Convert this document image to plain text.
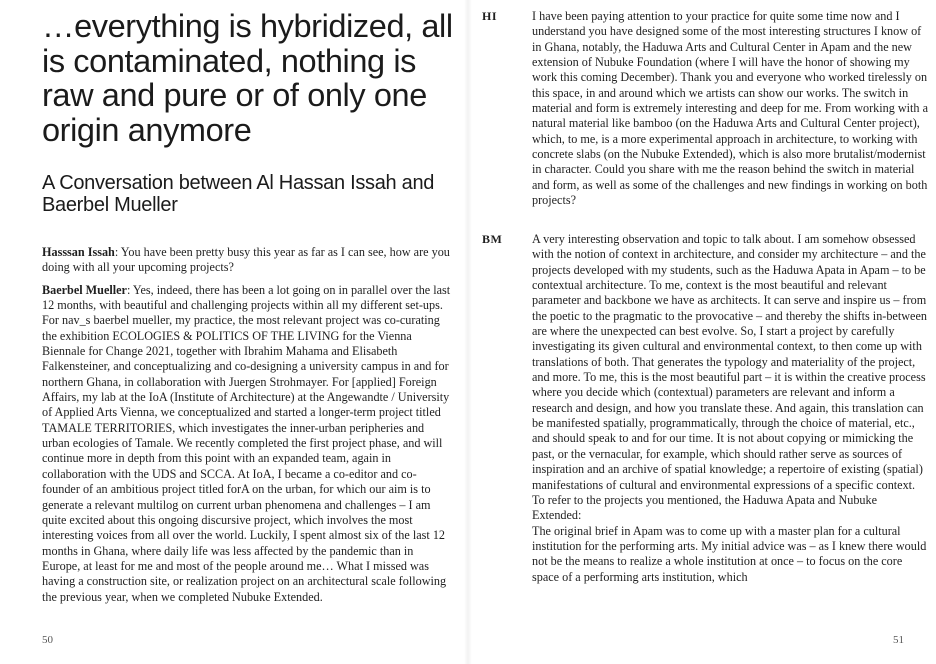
…everything is hybridized, all is contaminated, nothing is raw and pure or of only one origin anymore
A Conversation between Al Hassan Issah and Baerbel Mueller

Hasssan Issah: You have been pretty busy this year as far as I can see, how are you doing with all your upcoming projects?

Baerbel Mueller: Yes, indeed, there has been a lot going on in parallel over the last 12 months, with beautiful and challenging projects within all my different set-ups. For nav_s baerbel mueller, my practice, the most relevant project was co-curating the exhibition ECOLOGIES & POLITICS OF THE LIVING for the Vienna Biennale for Change 2021, together with Ibrahim Mahama and Elisabeth Falkensteiner, and conceptualizing and co-designing a university campus in and for northern Ghana, in collaboration with Juergen Strohmayer. For [applied] Foreign Affairs, my lab at the IoA (Institute of Architecture) at the Angewandte / University of Applied Arts Vienna, we conceptualized and started a longer-term project titled TAMALE TERRITORIES, which investigates the inner-urban peripheries and urban ecologies of Tamale. We recently completed the first project phase, and will continue more in depth from this point with an expanded team, again in collaboration with the UDS and SCCA. At IoA, I became a co-editor and co-founder of an ambitious project titled forA on the urban, for which our aim is to generate a relevant multilog on current urban phenomena and challenges – I am quite excited about this ongoing discursive project, which involves the most interesting voices from all over the world. Luckily, I spent almost six of the last 12 months in Ghana, where daily life was less affected by the pandemic than in Europe, at least for me and most of the people around me… What I missed was having a construction site, or realization project on an architectural scale following the previous year, when we completed Nubuke Extended.

50
HI	I have been paying attention to your practice for quite some time now and I understand you have designed some of the most interesting structures I know of in Ghana, notably, the Haduwa Arts and Cultural Center in Apam and the new extension of Nubuke Foundation (where I will have the honor of showing my work this coming December). Thank you and everyone who worked tirelessly on this space, in and around which we artists can show our works. The switch in material and form is extremely interesting and deep for me. From working with a natural material like bamboo (on the Haduwa Arts and Cultural Center project), which, to me, is a more experimental approach in architecture, to working with concrete slabs (on the Nubuke Extended), which is also more brutalist/modernist in character. Could you share with me the reason behind the switch in material and form, as well as some of the challenges and new findings in working on both projects?
BM A very interesting observation and topic to talk about. I am somehow obsessed with the notion of context in architecture, and consider my architecture – and the projects developed with my students, such as the Haduwa Apata in Apam – to be contextual architecture. To me, context is the most beautiful and relevant parameter and backbone we have as architects. It can serve and inspire us – from the poetic to the pragmatic to the provocative – and thereby the shifts in-between are where the unexpected can best evolve. So, I start a project by carefully investigating its given cultural and environmental context, to then come up with translations of both. That generates the typology and materiality of the project, and more. To me, this is the most beautiful part – it is within the creative process where you decide which (contextual) parameters are relevant and inform a research and design, and how you translate these. And again, this translation can be manifested spatially, programmatically, through the choice of material, etc., and should speak to and for our time. It is not about copying or mimicking the past, or the vernacular, for example, which should rather serve as sources of inspiration and an archive of spatial knowledge; a repertoire of existing (spatial) manifestations of cultural and environmental expressions of a specific context. To refer to the projects you mentioned, the Haduwa Apata and Nubuke Extended:
The original brief in Apam was to come up with a master plan for a cultural institution for the performing arts. My initial advice was – as I knew there would not be the means to realize a whole institution at once – to focus on the core space of a performing arts institution, which
51
